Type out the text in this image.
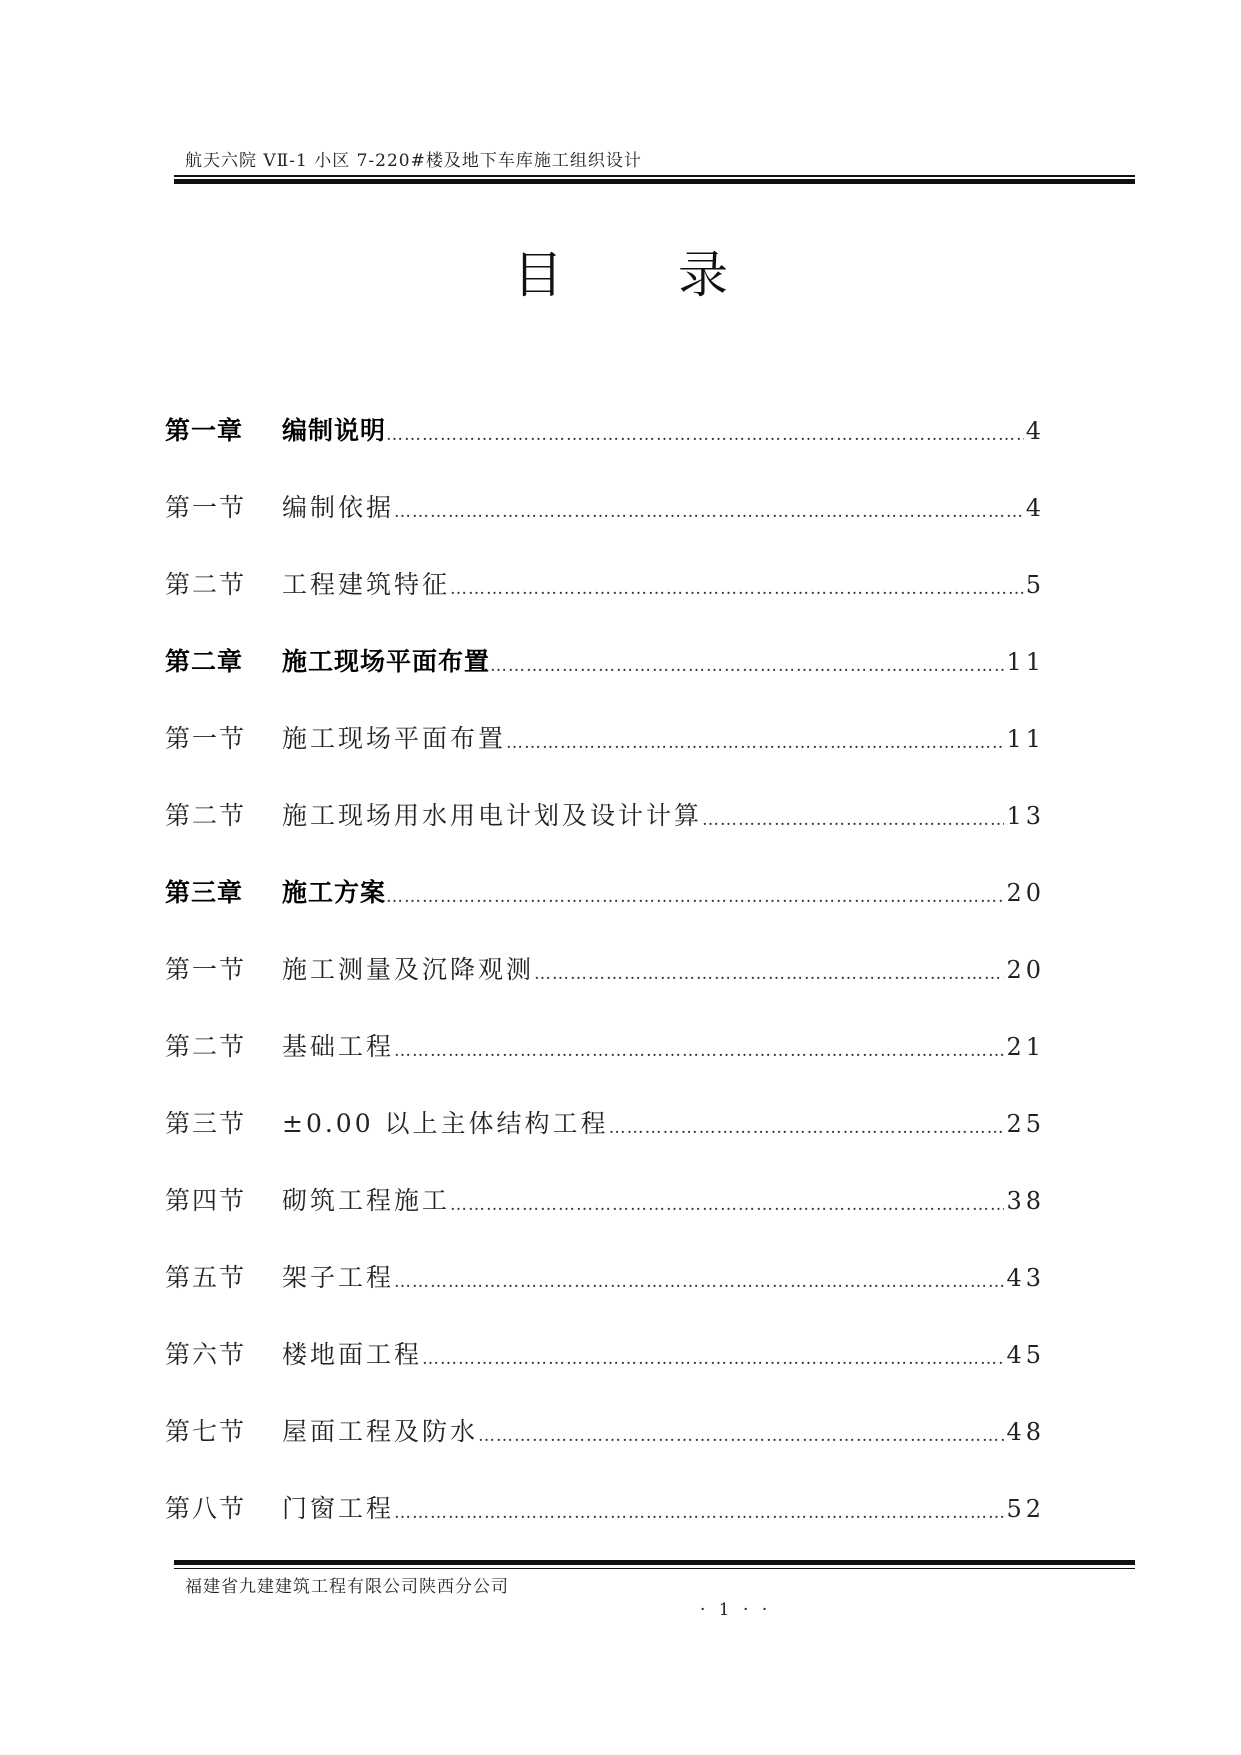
航天六院 VⅡ-1 小区 7-220#楼及地下车库施工组织设计
目 录
第一章	编制说明 …………………………………………………………………………………………………………………………………………………………………	4
第一节	编制依据 …………………………………………………………………………………………………………………………………………………………………	4
第二节	工程建筑特征 …………………………………………………………………………………………………………………………………………………………………	5
第二章	施工现场平面布置 …………………………………………………………………………………………………………………………………………………………………	11
第一节	施工现场平面布置 …………………………………………………………………………………………………………………………………………………………………	11
第二节	施工现场用水用电计划及设计计算 …………………………………………………………………………………………………………………………………………………………………	13
第三章	施工方案 …………………………………………………………………………………………………………………………………………………………………	20
第一节	施工测量及沉降观测 …………………………………………………………………………………………………………………………………………………………………	20
第二节	基础工程 …………………………………………………………………………………………………………………………………………………………………	21
第三节	±0.00 以上主体结构工程 …………………………………………………………………………………………………………………………………………………………………	25
第四节	砌筑工程施工 …………………………………………………………………………………………………………………………………………………………………	38
第五节	架子工程 …………………………………………………………………………………………………………………………………………………………………	43
第六节	楼地面工程 …………………………………………………………………………………………………………………………………………………………………	45
第七节	屋面工程及防水 …………………………………………………………………………………………………………………………………………………………………	48
第八节	门窗工程 …………………………………………………………………………………………………………………………………………………………………	52
福建省九建建筑工程有限公司陕西分公司
· 1 · ·
